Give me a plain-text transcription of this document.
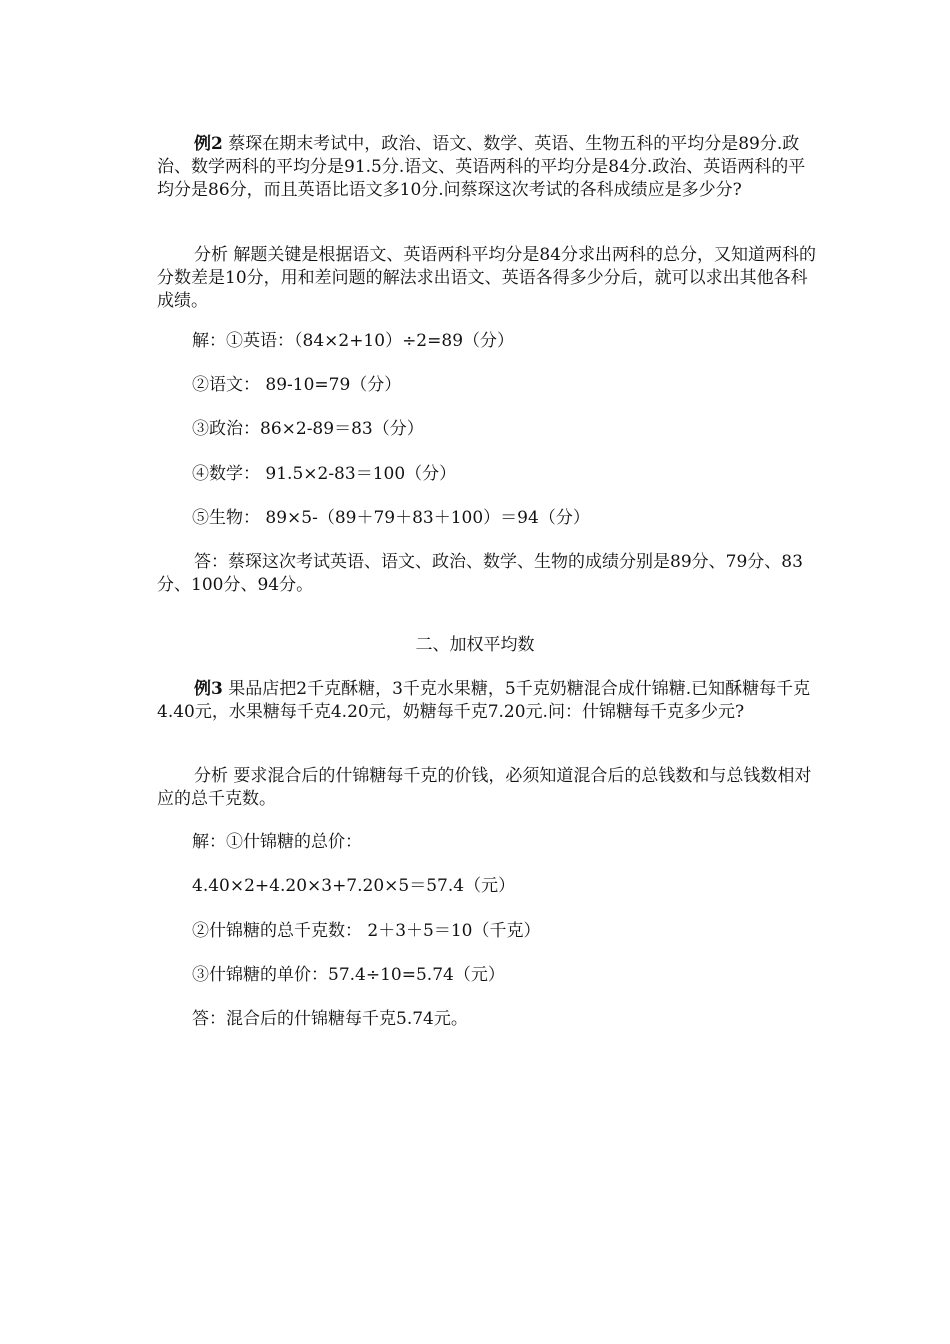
例2 蔡琛在期末考试中，政治、语文、数学、英语、生物五科的平均分是89分.政治、数学两科的平均分是91.5分.语文、英语两科的平均分是84分.政治、英语两科的平均分是86分，而且英语比语文多10分.问蔡琛这次考试的各科成绩应是多少分?

分析 解题关键是根据语文、英语两科平均分是84分求出两科的总分，又知道两科的分数差是10分，用和差问题的解法求出语文、英语各得多少分后，就可以求出其他各科成绩。

解：①英语：（84×2+10）÷2=89（分）

②语文： 89-10=79（分）

③政治：86×2-89＝83（分）

④数学： 91.5×2-83＝100（分）

⑤生物： 89×5-（89＋79＋83＋100）＝94（分）

答：蔡琛这次考试英语、语文、政治、数学、生物的成绩分别是89分、79分、83分、100分、94分。

二、加权平均数

例3 果品店把2千克酥糖，3千克水果糖，5千克奶糖混合成什锦糖.已知酥糖每千克4.40元，水果糖每千克4.20元，奶糖每千克7.20元.问：什锦糖每千克多少元?

分析 要求混合后的什锦糖每千克的价钱，必须知道混合后的总钱数和与总钱数相对应的总千克数。

解：①什锦糖的总价：

4.40×2+4.20×3+7.20×5＝57.4（元）

②什锦糖的总千克数： 2＋3＋5＝10（千克）

③什锦糖的单价：57.4÷10=5.74（元）

答：混合后的什锦糖每千克5.74元。
